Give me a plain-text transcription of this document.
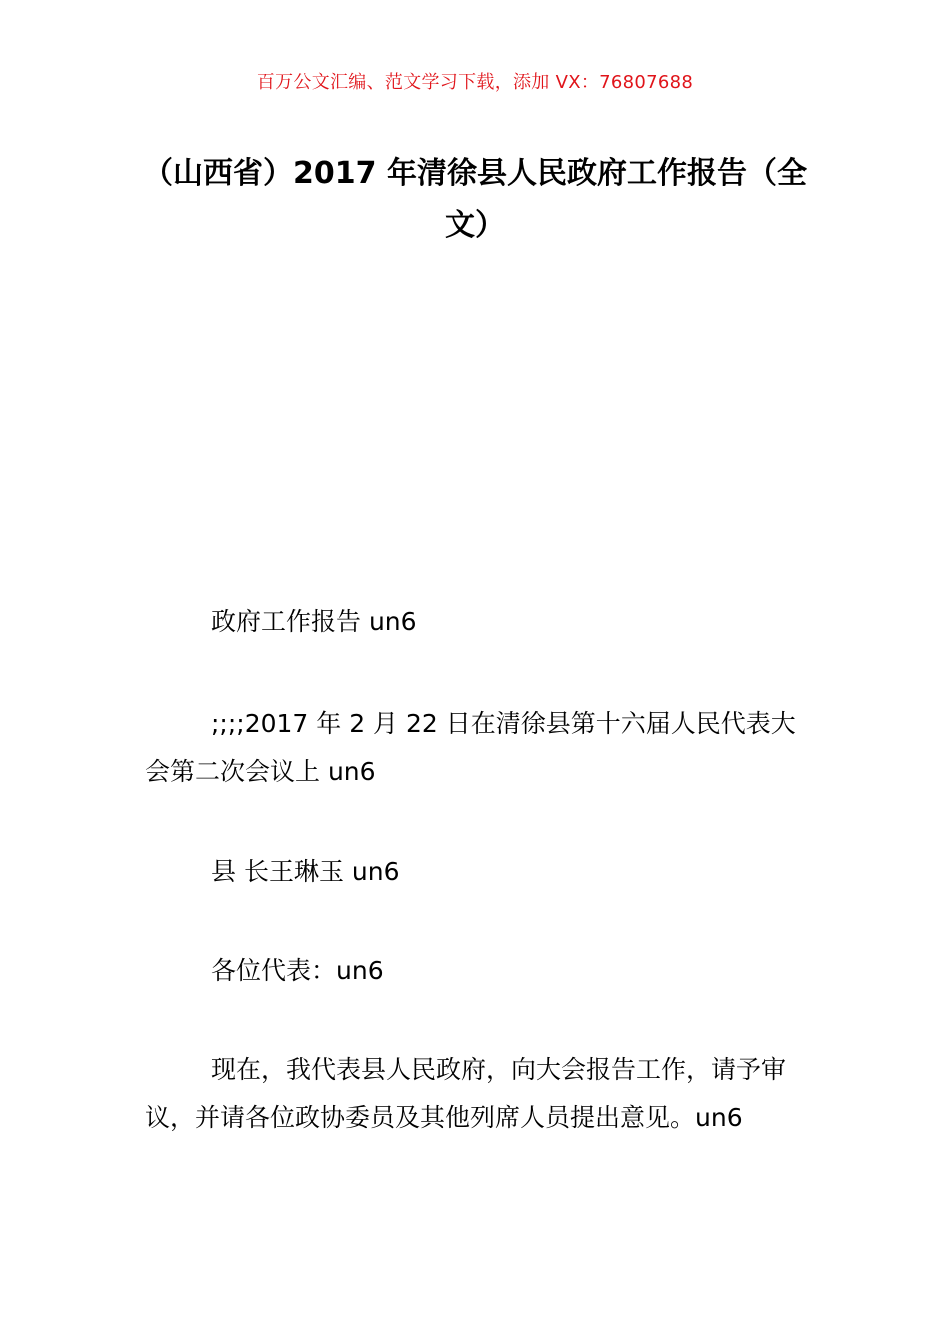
百万公文汇编、范文学习下载，添加 VX：76807688
（山西省）2017 年清徐县人民政府工作报告（全文）
政府工作报告 un6
;;;;2017 年 2 月 22 日在清徐县第十六届人民代表大会第二次会议上 un6
县 长王琳玉 un6
各位代表：un6
现在，我代表县人民政府，向大会报告工作，请予审议，并请各位政协委员及其他列席人员提出意见。un6
